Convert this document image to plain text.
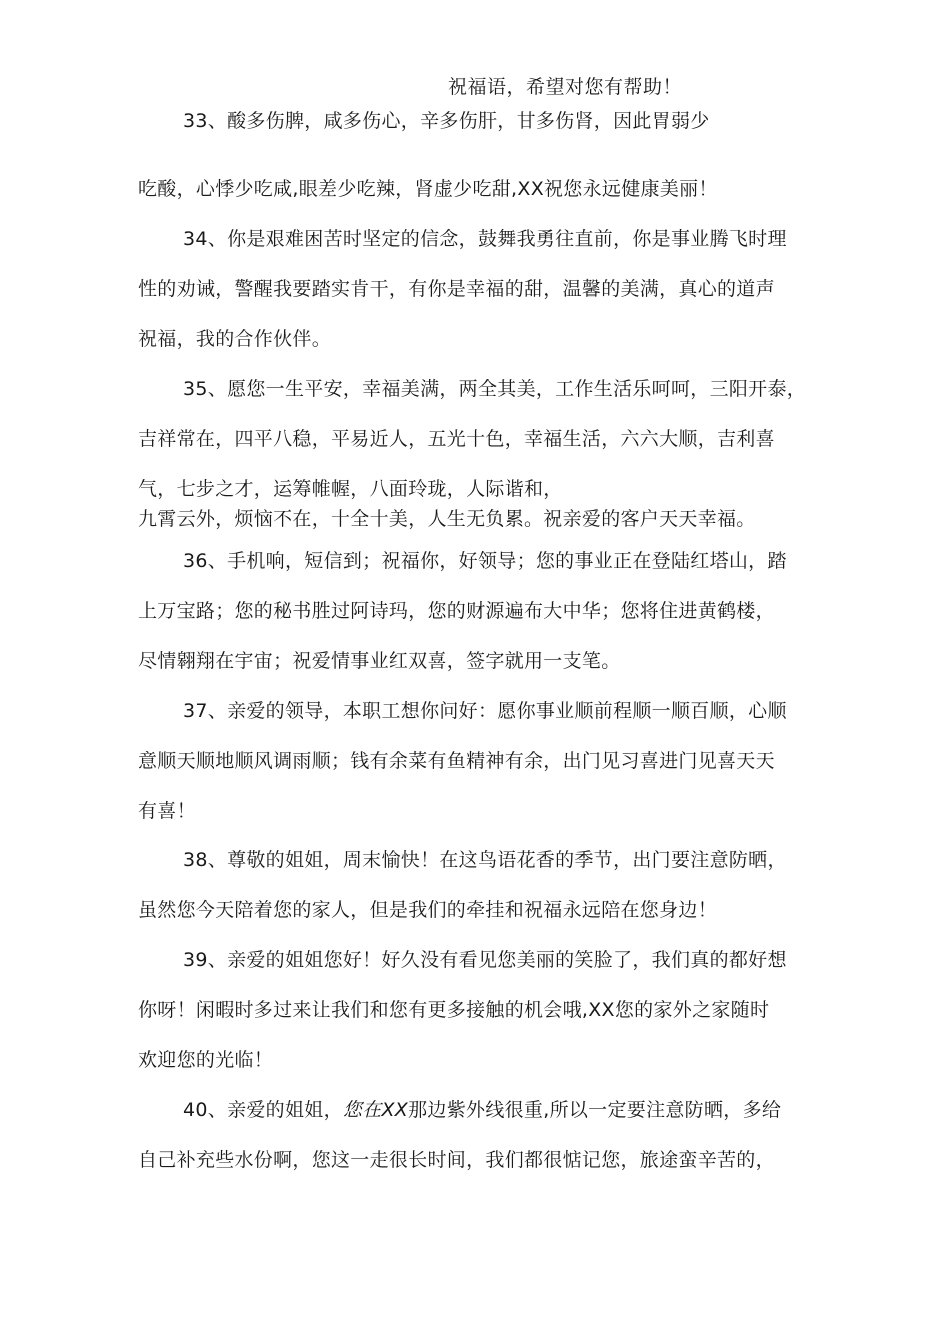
祝福语，希望对您有帮助！
33、酸多伤脾，咸多伤心，辛多伤肝，甘多伤肾，因此胃弱少
吃酸，心悸少吃咸,眼差少吃辣，肾虚少吃甜,XX祝您永远健康美丽！
34、你是艰难困苦时坚定的信念，鼓舞我勇往直前，你是事业腾飞时理
性的劝诫，警醒我要踏实肯干，有你是幸福的甜，温馨的美满，真心的道声
祝福，我的合作伙伴。
35、愿您一生平安，幸福美满，两全其美，工作生活乐呵呵，三阳开泰，
吉祥常在，四平八稳，平易近人，五光十色，幸福生活，六六大顺，吉利喜
气，七步之才，运筹帷幄，八面玲珑，人际谐和，
九霄云外，烦恼不在，十全十美，人生无负累。祝亲爱的客户天天幸福。
36、手机响，短信到；祝福你，好领导；您的事业正在登陆红塔山，踏
上万宝路；您的秘书胜过阿诗玛，您的财源遍布大中华；您将住进黄鹤楼，
尽情翱翔在宇宙；祝爱情事业红双喜，签字就用一支笔。
37、亲爱的领导，本职工想你问好：愿你事业顺前程顺一顺百顺，心顺
意顺天顺地顺风调雨顺；钱有余菜有鱼精神有余，出门见习喜进门见喜天天
有喜！
38、尊敬的姐姐，周末愉快！在这鸟语花香的季节，出门要注意防晒，
虽然您今天陪着您的家人，但是我们的牵挂和祝福永远陪在您身边！
39、亲爱的姐姐您好！好久没有看见您美丽的笑脸了，我们真的都好想
你呀！闲暇时多过来让我们和您有更多接触的机会哦,XX您的家外之家随时
欢迎您的光临！
40、亲爱的姐姐，您在XX那边紫外线很重,所以一定要注意防晒，多给
自己补充些水份啊，您这一走很长时间，我们都很惦记您，旅途蛮辛苦的，
